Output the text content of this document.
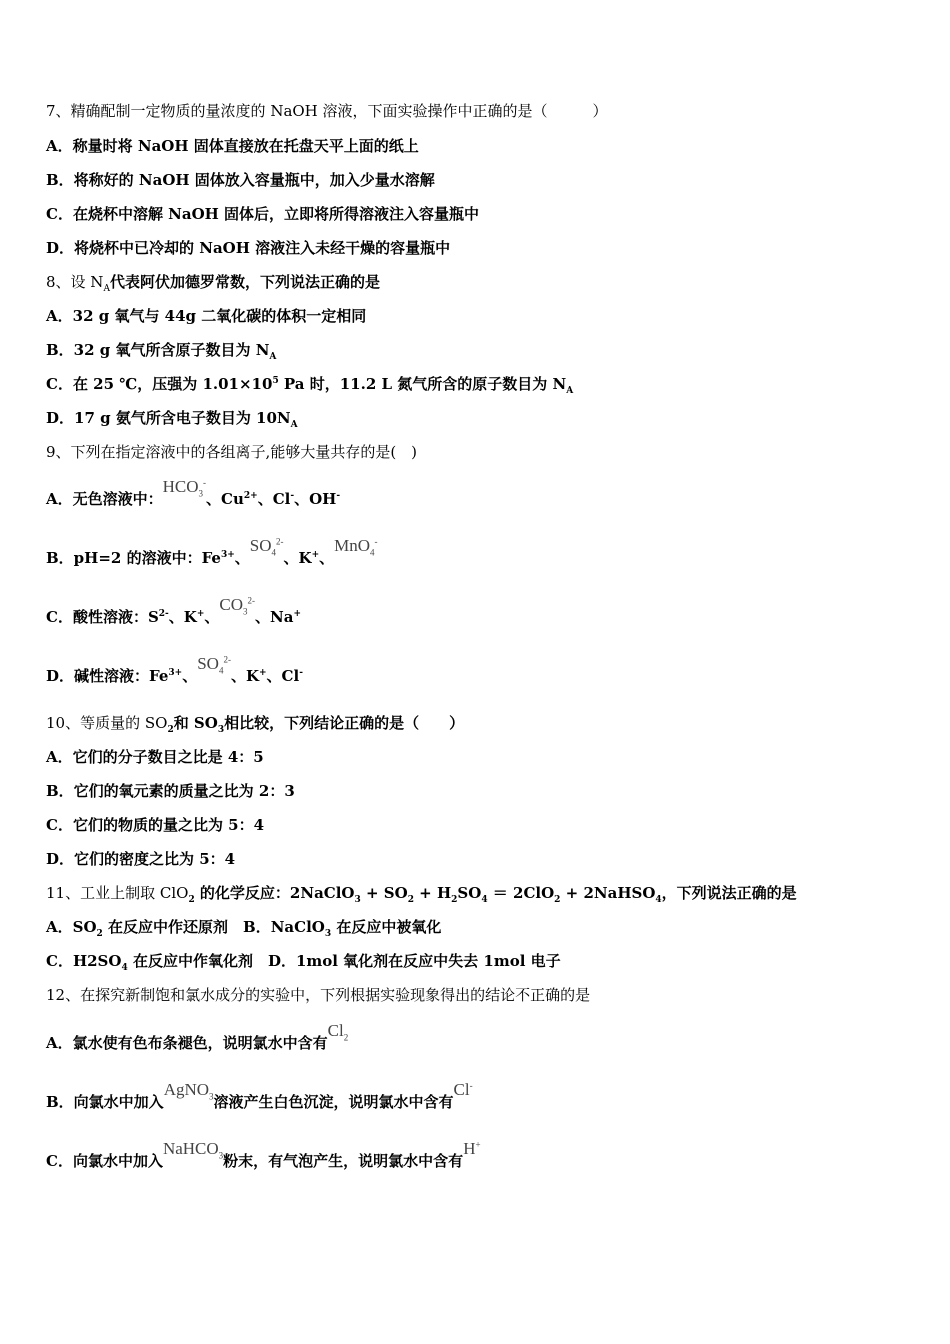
7、精确配制一定物质的量浓度的 NaOH 溶液，下面实验操作中正确的是（　　　）
A．称量时将 NaOH 固体直接放在托盘天平上面的纸上
B．将称好的 NaOH 固体放入容量瓶中，加入少量水溶解
C．在烧杯中溶解 NaOH 固体后，立即将所得溶液注入容量瓶中
D．将烧杯中已冷却的 NaOH 溶液注入未经干燥的容量瓶中
8、设 $N_A$代表阿伏加德罗常数，下列说法正确的是
A．32 g 氧气与 44g 二氧化碳的体积一定相同
B．32 g 氧气所含原子数目为 $N_A$
C．在 25 ℃，压强为 $1.01\times 10^5$ Pa 时，11.2 L 氮气所含的原子数目为 $N_A$
D．17 g 氨气所含电子数目为 $10N_A$
9、下列在指定溶液中的各组离子,能够大量共存的是(　)
A．无色溶液中：$HCO_3^-$、$Cu^{2+}$、Cl-、OH-
B．pH=2 的溶液中：$Fe^{3+}$、$SO_4^{2-}$、K+、MnO$_4$-
C．酸性溶液：$S^{2-}$、K+、$CO_3^{2-}$、Na+
D．碱性溶液：$Fe^{3+}$、$SO_4^{2-}$、K+、Cl-
10、等质量的 $SO_2$和 $SO_3$相比较，下列结论正确的是（　　）
A．它们的分子数目之比是 4：5
B．它们的氧元素的质量之比为 2：3
C．它们的物质的量之比为 5：4
D．它们的密度之比为 5：4
11、工业上制取 ClO$_2$ 的化学反应：2NaClO$_3$ + $SO_2 + H_2SO_4 = 2ClO_2$ + 2NaHSO$_4$，下列说法正确的是
A．$SO_2$ 在反应中作还原剂　B．NaClO$_3$ 在反应中被氧化
C．$H2SO_4$ 在反应中作氧化剂　D．1mol 氧化剂在反应中失去 1mol 电子
12、在探究新制饱和氯水成分的实验中，下列根据实验现象得出的结论不正确的是
A．氯水使有色布条褪色，说明氯水中含有$Cl_2$
B．向氯水中加入AgNO$_3$溶液产生白色沉淀，说明氯水中含有Cl-
C．向氯水中加入NaHCO$_3$粉末，有气泡产生，说明氯水中含有H+
